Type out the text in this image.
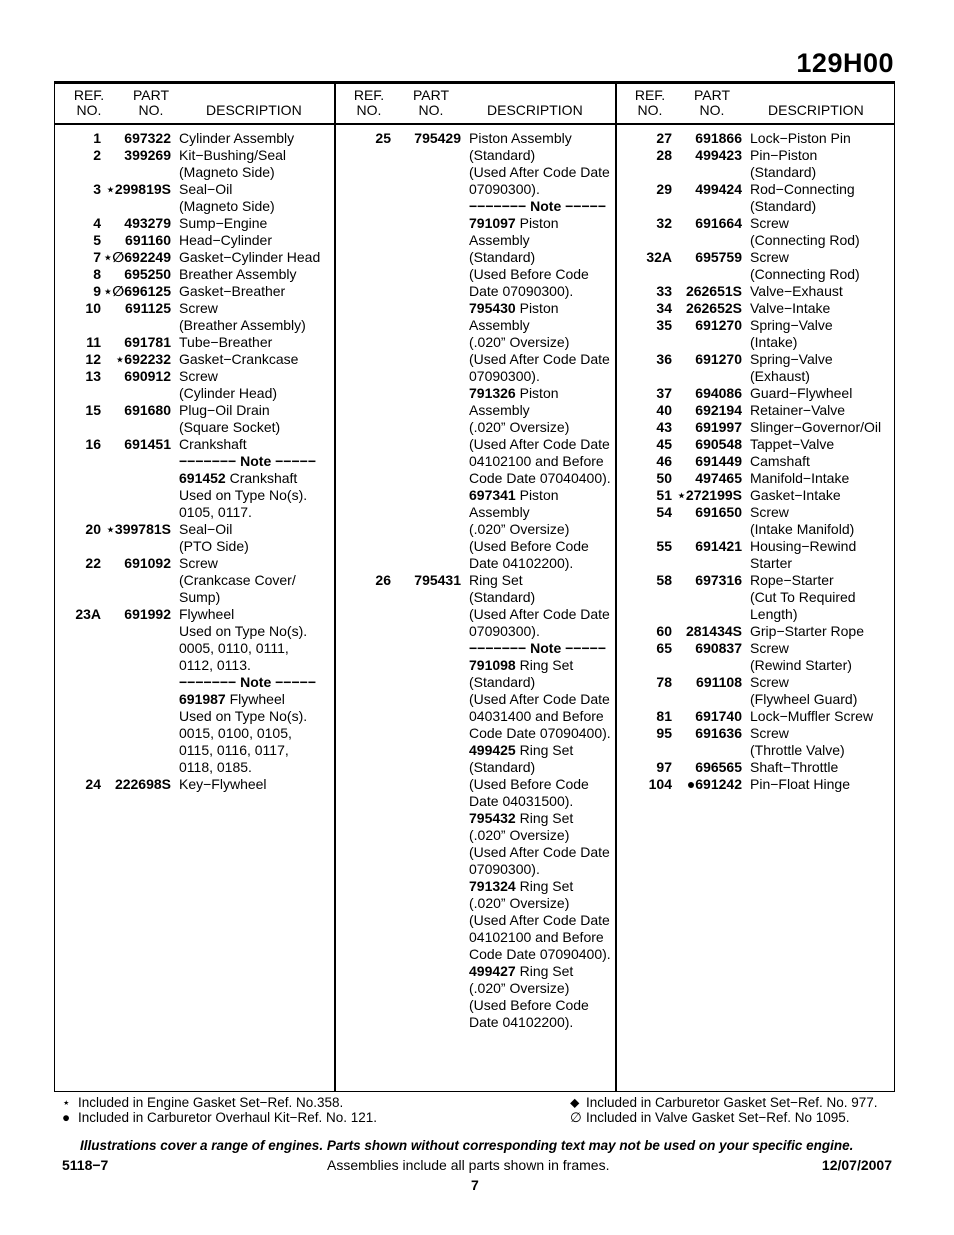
129H00
REF.
NO.
PART
NO.	DESCRIPTION
REF.
NO.
PART
NO.	DESCRIPTION
REF.
NO.
PART
NO.	DESCRIPTION
1	697322 Cylinder Assembly
2	399269 Kit−Bushing/Seal
(Magneto Side)
3 ⋆299819S Seal−Oil
(Magneto Side)
4	493279 Sump−Engine
5	691160 Head−Cylinder
7 ⋆∅692249 Gasket−Cylinder Head
8	695250 Breather Assembly
9 ⋆∅696125 Gasket−Breather
10	691125 Screw
(Breather Assembly)
11	691781 Tube−Breather
12	⋆692232 Gasket−Crankcase
13	690912 Screw
(Cylinder Head)
15	691680 Plug−Oil Drain
(Square Socket)
16	691451 Crankshaft
−−−−−−− Note −−−−−
691452 Crankshaft
Used on Type No(s).
0105, 0117.
20 ⋆399781S Seal−Oil
(PTO Side)
22	691092 Screw
(Crankcase Cover/
Sump)
23A	691992 Flywheel
Used on Type No(s).
0005, 0110, 0111,
0112, 0113.
−−−−−−− Note −−−−−
691987 Flywheel
Used on Type No(s).
0015, 0100, 0105,
0115, 0116, 0117,
0118, 0185.
24 222698S Key−Flywheel
25	795429 Piston Assembly
(Standard)
(Used After Code Date
07090300).
−−−−−−− Note −−−−−
791097 Piston
Assembly
(Standard)
(Used Before Code
Date 07090300).
795430 Piston
Assembly
(.020” Oversize)
(Used After Code Date
07090300).
791326 Piston
Assembly
(.020” Oversize)
(Used After Code Date
04102100 and Before
Code Date 07040400).
697341 Piston
Assembly
(.020” Oversize)
(Used Before Code
Date 04102200).
26	795431 Ring Set
(Standard)
(Used After Code Date
07090300).
−−−−−−− Note −−−−−
791098 Ring Set
(Standard)
(Used After Code Date
04031400 and Before
Code Date 07090400).
499425 Ring Set
(Standard)
(Used Before Code
Date 04031500).
795432 Ring Set
(.020” Oversize)
(Used After Code Date
07090300).
791324 Ring Set
(.020” Oversize)
(Used After Code Date
04102100 and Before
Code Date 07090400).
499427 Ring Set
(.020” Oversize)
(Used Before Code
Date 04102200).
27	691866 Lock−Piston Pin
28	499423 Pin−Piston
(Standard)
29	499424 Rod−Connecting
(Standard)
32	691664 Screw
(Connecting Rod)
32A	695759 Screw
(Connecting Rod)
33 262651S Valve−Exhaust
34 262652S Valve−Intake
35	691270 Spring−Valve
(Intake)
36	691270 Spring−Valve
(Exhaust)
37	694086 Guard−Flywheel
40	692194 Retainer−Valve
43	691997 Slinger−Governor/Oil
45	690548 Tappet−Valve
46	691449 Camshaft
50	497465 Manifold−Intake
51 ⋆272199S Gasket−Intake
54	691650 Screw
(Intake Manifold)
55	691421 Housing−Rewind
Starter
58	697316 Rope−Starter
(Cut To Required
Length)
60 281434S Grip−Starter Rope
65	690837 Screw
(Rewind Starter)
78	691108 Screw
(Flywheel Guard)
81	691740 Lock−Muffler Screw
95	691636 Screw
(Throttle Valve)
97	696565 Shaft−Throttle
104	●691242 Pin−Float Hinge
⋆ Included in Engine Gasket Set−Ref. No.358.
● Included in Carburetor Overhaul Kit−Ref. No. 121.
⬥ Included in Carburetor Gasket Set−Ref. No. 977.
∅ Included in Valve Gasket Set−Ref. No 1095.
Illustrations cover a range of engines. Parts shown without corresponding text may not be used on your specific engine.
5118−7	Assemblies include all parts shown in frames.	12/07/2007
7
